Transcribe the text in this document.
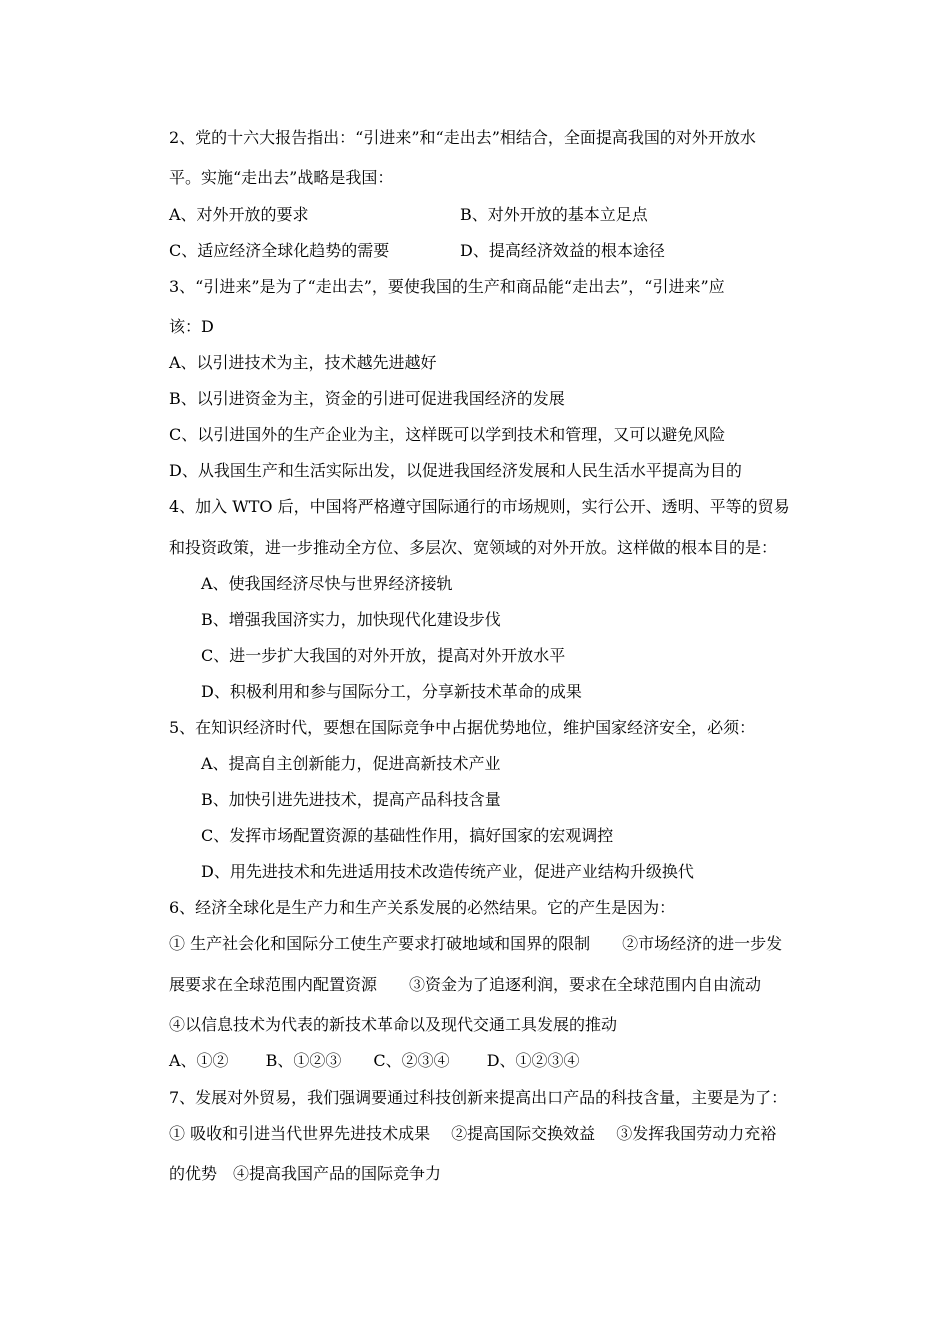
2、党的十六大报告指出：“引进来”和“走出去”相结合，全面提高我国的对外开放水
平。实施“走出去”战略是我国：
A、对外开放的要求	B、对外开放的基本立足点
C、适应经济全球化趋势的需要	D、提高经济效益的根本途径
3、“引进来”是为了“走出去”，要使我国的生产和商品能“走出去”，“引进来”应
该：D
A、以引进技术为主，技术越先进越好
B、以引进资金为主，资金的引进可促进我国经济的发展
C、以引进国外的生产企业为主，这样既可以学到技术和管理，又可以避免风险
D、从我国生产和生活实际出发，以促进我国经济发展和人民生活水平提高为目的
4、加入 WTO 后，中国将严格遵守国际通行的市场规则，实行公开、透明、平等的贸易
和投资政策，进一步推动全方位、多层次、宽领域的对外开放。这样做的根本目的是：
A、使我国经济尽快与世界经济接轨
B、增强我国济实力，加快现代化建设步伐
C、进一步扩大我国的对外开放，提高对外开放水平
D、积极利用和参与国际分工，分享新技术革命的成果
5、在知识经济时代，要想在国际竞争中占据优势地位，维护国家经济安全，必须：
A、提高自主创新能力，促进高新技术产业
B、加快引进先进技术，提高产品科技含量
C、发挥市场配置资源的基础性作用，搞好国家的宏观调控
D、用先进技术和先进适用技术改造传统产业，促进产业结构升级换代
6、经济全球化是生产力和生产关系发展的必然结果。它的产生是因为：
① 生产社会化和国际分工使生产要求打破地域和国界的限制　　②市场经济的进一步发
展要求在全球范围内配置资源　　③资金为了追逐利润，要求在全球范围内自由流动
④以信息技术为代表的新技术革命以及现代交通工具发展的推动
A、①②　　 B、①②③　　C、②③④　　 D、①②③④
7、发展对外贸易，我们强调要通过科技创新来提高出口产品的科技含量，主要是为了：
① 吸收和引进当代世界先进技术成果　 ②提高国际交换效益　 ③发挥我国劳动力充裕
的优势　④提高我国产品的国际竞争力
